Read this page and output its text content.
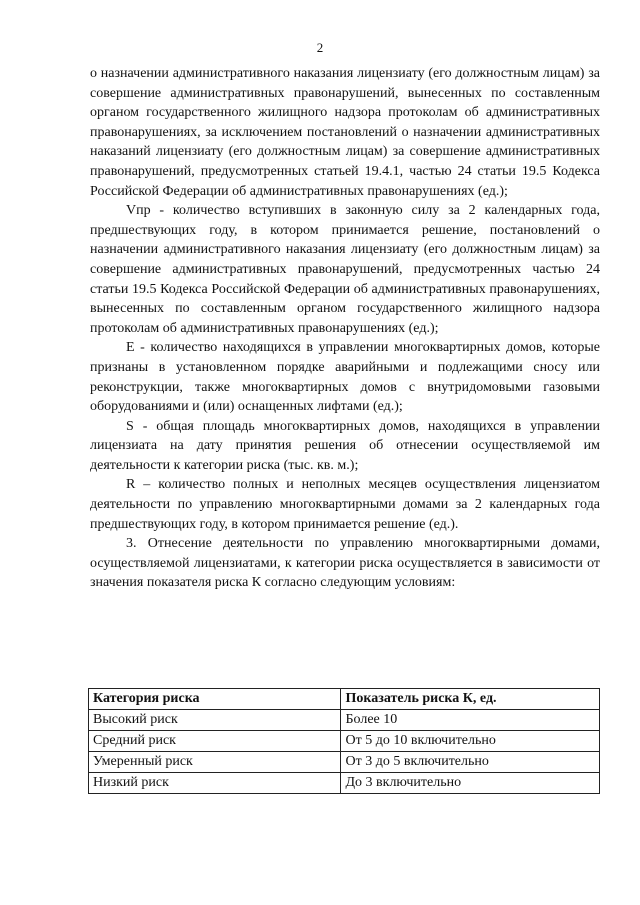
2

о назначении административного наказания лицензиату (его должностным лицам) за совершение административных правонарушений, вынесенных по составленным органом государственного жилищного надзора протоколам об административных правонарушениях, за исключением постановлений о назначении административных наказаний лицензиату (его должностным лицам) за совершение административных правонарушений, предусмотренных статьей 19.4.1, частью 24 статьи 19.5 Кодекса Российской Федерации об административных правонарушениях (ед.);

Vпр - количество вступивших в законную силу за 2 календарных года, предшествующих году, в котором принимается решение, постановлений о назначении административного наказания лицензиату (его должностным лицам) за совершение административных правонарушений, предусмотренных частью 24 статьи 19.5 Кодекса Российской Федерации об административных правонарушениях, вынесенных по составленным органом государственного жилищного надзора протоколам об административных правонарушениях (ед.);

Е - количество находящихся в управлении многоквартирных домов, которые признаны в установленном порядке аварийными и подлежащими сносу или реконструкции, также многоквартирных домов с внутридомовыми газовыми оборудованиями и (или) оснащенных лифтами (ед.);

S - общая площадь многоквартирных домов, находящихся в управлении лицензиата на дату принятия решения об отнесении осуществляемой им деятельности к категории риска (тыс. кв. м.);

R – количество полных и неполных месяцев осуществления лицензиатом деятельности по управлению многоквартирными домами за 2 календарных года предшествующих году, в котором принимается решение (ед.).

3. Отнесение деятельности по управлению многоквартирными домами, осуществляемой лицензиатами, к категории риска осуществляется в зависимости от значения показателя риска К согласно следующим условиям:

Категория риска	Показатель риска К, ед.
Высокий риск	Более 10
Средний риск	От 5 до 10 включительно
Умеренный риск	От 3 до 5 включительно
Низкий риск	До 3 включительно
